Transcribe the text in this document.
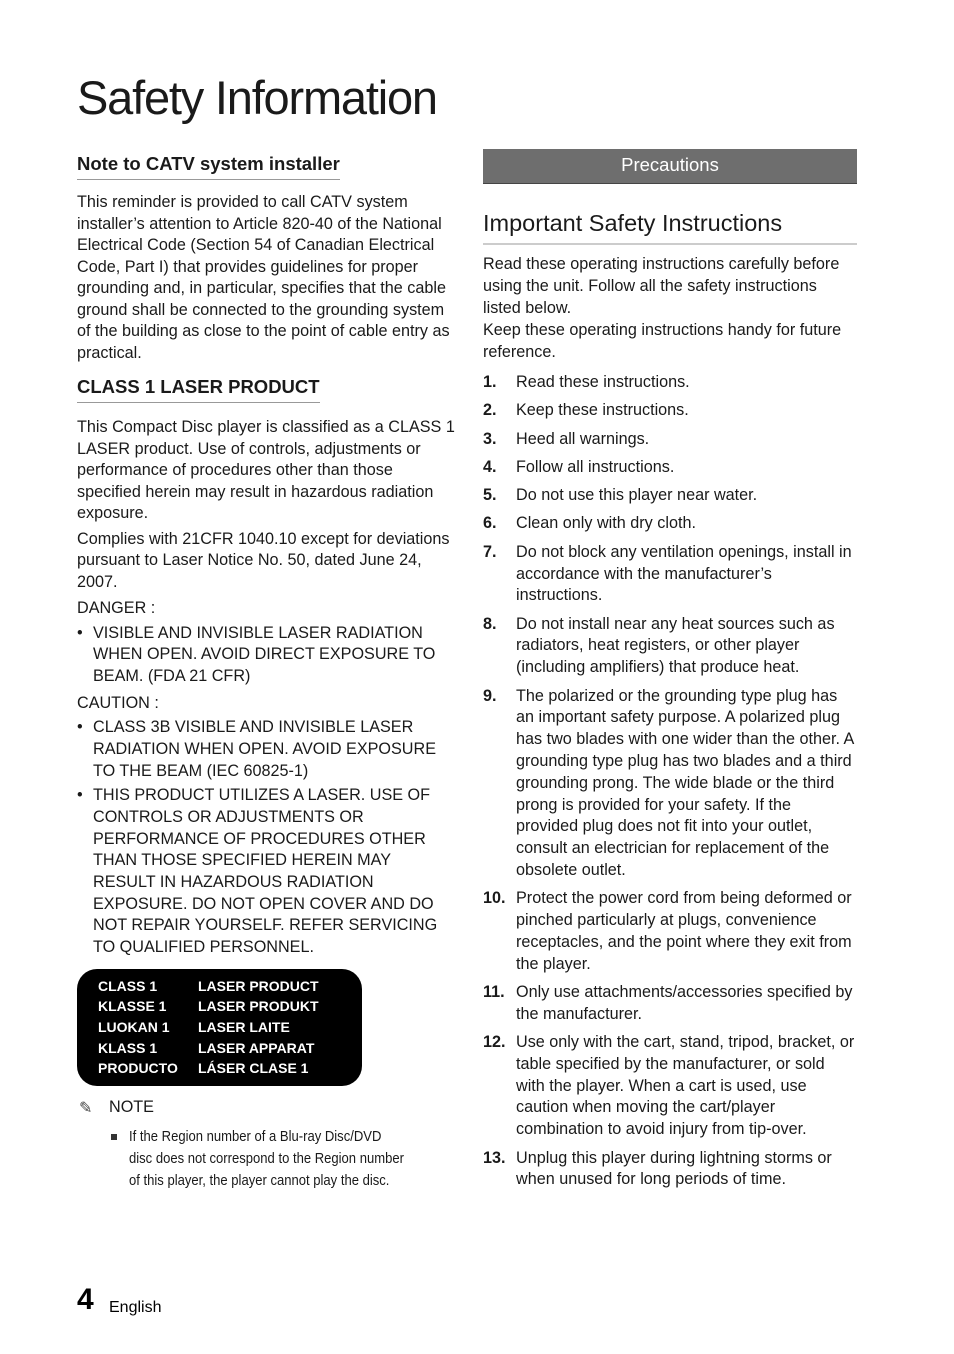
Safety Information
Note to CATV system installer

This reminder is provided to call CATV system installer’s attention to Article 820-40 of the National Electrical Code (Section 54 of Canadian Electrical Code, Part I) that provides guidelines for proper grounding and, in particular, specifies that the cable ground shall be connected to the grounding system of the building as close to the point of cable entry as practical.

CLASS 1 LASER PRODUCT

This Compact Disc player is classified as a CLASS 1 LASER product. Use of controls, adjustments or performance of procedures other than those specified herein may result in hazardous radiation exposure.

Complies with 21CFR 1040.10 except for deviations pursuant to Laser Notice No. 50, dated June 24, 2007.

DANGER :
• VISIBLE AND INVISIBLE LASER RADIATION WHEN OPEN. AVOID DIRECT EXPOSURE TO BEAM. (FDA 21 CFR)
CAUTION :
• CLASS 3B VISIBLE AND INVISIBLE LASER RADIATION WHEN OPEN. AVOID EXPOSURE TO THE BEAM (IEC 60825-1)
• THIS PRODUCT UTILIZES A LASER. USE OF CONTROLS OR ADJUSTMENTS OR PERFORMANCE OF PROCEDURES OTHER THAN THOSE SPECIFIED HEREIN MAY RESULT IN HAZARDOUS RADIATION EXPOSURE. DO NOT OPEN COVER AND DO NOT REPAIR YOURSELF. REFER SERVICING TO QUALIFIED PERSONNEL.
CLASS 1	LASER PRODUCT
KLASSE 1	LASER PRODUKT
LUOKAN 1	LASER LAITE
KLASS 1	LASER APPARAT
PRODUCTO	LÁSER CLASE 1
✎	NOTE
If the Region number of a Blu-ray Disc/DVD disc does not correspond to the Region number of this player, the player cannot play the disc.
Precautions
Important Safety Instructions

Read these operating instructions carefully before using the unit. Follow all the safety instructions listed below.

Keep these operating instructions handy for future reference.

1.	Read these instructions.
2.	Keep these instructions.
3.	Heed all warnings.
4.	Follow all instructions.
5.	Do not use this player near water.
6.	Clean only with dry cloth.
7.	Do not block any ventilation openings, install in accordance with the manufacturer’s instructions.
8.	Do not install near any heat sources such as radiators, heat registers, or other player (including amplifiers) that produce heat.
9.	The polarized or the grounding type plug has an important safety purpose. A polarized plug has two blades with one wider than the other. A grounding type plug has two blades and a third grounding prong. The wide blade or the third prong is provided for your safety. If the provided plug does not fit into your outlet, consult an electrician for replacement of the obsolete outlet.
10. Protect the power cord from being deformed or pinched particularly at plugs, convenience receptacles, and the point where they exit from the player.
11. Only use attachments/accessories specified by the manufacturer.
12. Use only with the cart, stand, tripod, bracket, or table specified by the manufacturer, or sold with the player. When a cart is used, use caution when moving the cart/player combination to avoid injury from tip-over.
13. Unplug this player during lightning storms or when unused for long periods of time.
4 English
